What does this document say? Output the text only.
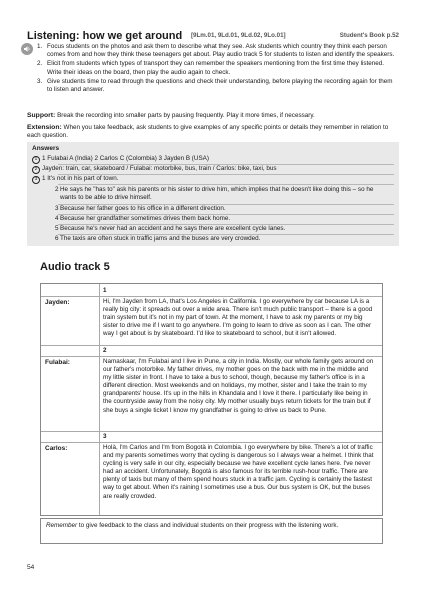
Listening: how we get around [9Lm.01, 9Ld.01, 9Ld.02, 9Lo.01]	Student's Book p.52
1. Focus students on the photos and ask them to describe what they see. Ask students which country they think each person comes from and how they think these teenagers get about. Play audio track 5 for students to listen and identify the speakers.
2. Elicit from students which types of transport they can remember the speakers mentioning from the first time they listened. Write their ideas on the board, then play the audio again to check.
3. Give students time to read through the questions and check their understanding, before playing the recording again for them to listen and answer.
Support: Break the recording into smaller parts by pausing frequently. Play it more times, if necessary.
Extension: When you take feedback, ask students to give examples of any specific points or details they remember in relation to each question.
Answers
1 1 Fulabai A (India) 2 Carlos C (Colombia) 3 Jayden B (USA)
2 Jayden: train, car, skateboard / Fulabai: motorbike, bus, train / Carlos: bike, taxi, bus
3 1 It's not in his part of town.
2 He says he "has to" ask his parents or his sister to drive him, which implies that he doesn't like doing this – so he wants to be able to drive himself.
3 Because her father goes to his office in a different direction.
4 Because her grandfather sometimes drives them back home.
5 Because he's never had an accident and he says there are excellent cycle lanes.
6 The taxis are often stuck in traffic jams and the buses are very crowded.
Audio track 5
1
Jayden:	Hi, I'm Jayden from LA, that's Los Angeles in California. I go everywhere by car because LA is a really big city: it spreads out over a wide area. There isn't much public transport – there is a good train system but it's not in my part of town. At the moment, I have to ask my parents or my big sister to drive me if I want to go anywhere. I'm going to learn to drive as soon as I can. The other way I get about is by skateboard. I'd like to skateboard to school, but it isn't allowed.
2
Fulabai:	Namaskaar, I'm Fulabai and I live in Pune, a city in India. Mostly, our whole family gets around on our father's motorbike. My father drives, my mother goes on the back with me in the middle and my little sister in front. I have to take a bus to school, though, because my father's office is in a different direction. Most weekends and on holidays, my mother, sister and I take the train to my grandparents' house. It's up in the hills in Khandala and I love it there. I particularly like being in the countryside away from the noisy city. My mother usually buys return tickets for the train but if she buys a single ticket I know my grandfather is going to drive us back to Pune.
3
Carlos:	Holà, I'm Carlos and I'm from Bogotà in Colombia. I go everywhere by bike. There's a lot of traffic and my parents sometimes worry that cycling is dangerous so I always wear a helmet. I think that cycling is very safe in our city, especially because we have excellent cycle lanes here. I've never had an accident. Unfortunately, Bogotà is also famous for its terrible rush-hour traffic. There are plenty of taxis but many of them spend hours stuck in a traffic jam. Cycling is certainly the fastest way to get about. When it's raining I sometimes use a bus. Our bus system is OK, but the buses are really crowded.
Remember to give feedback to the class and individual students on their progress with the listening work.
54
